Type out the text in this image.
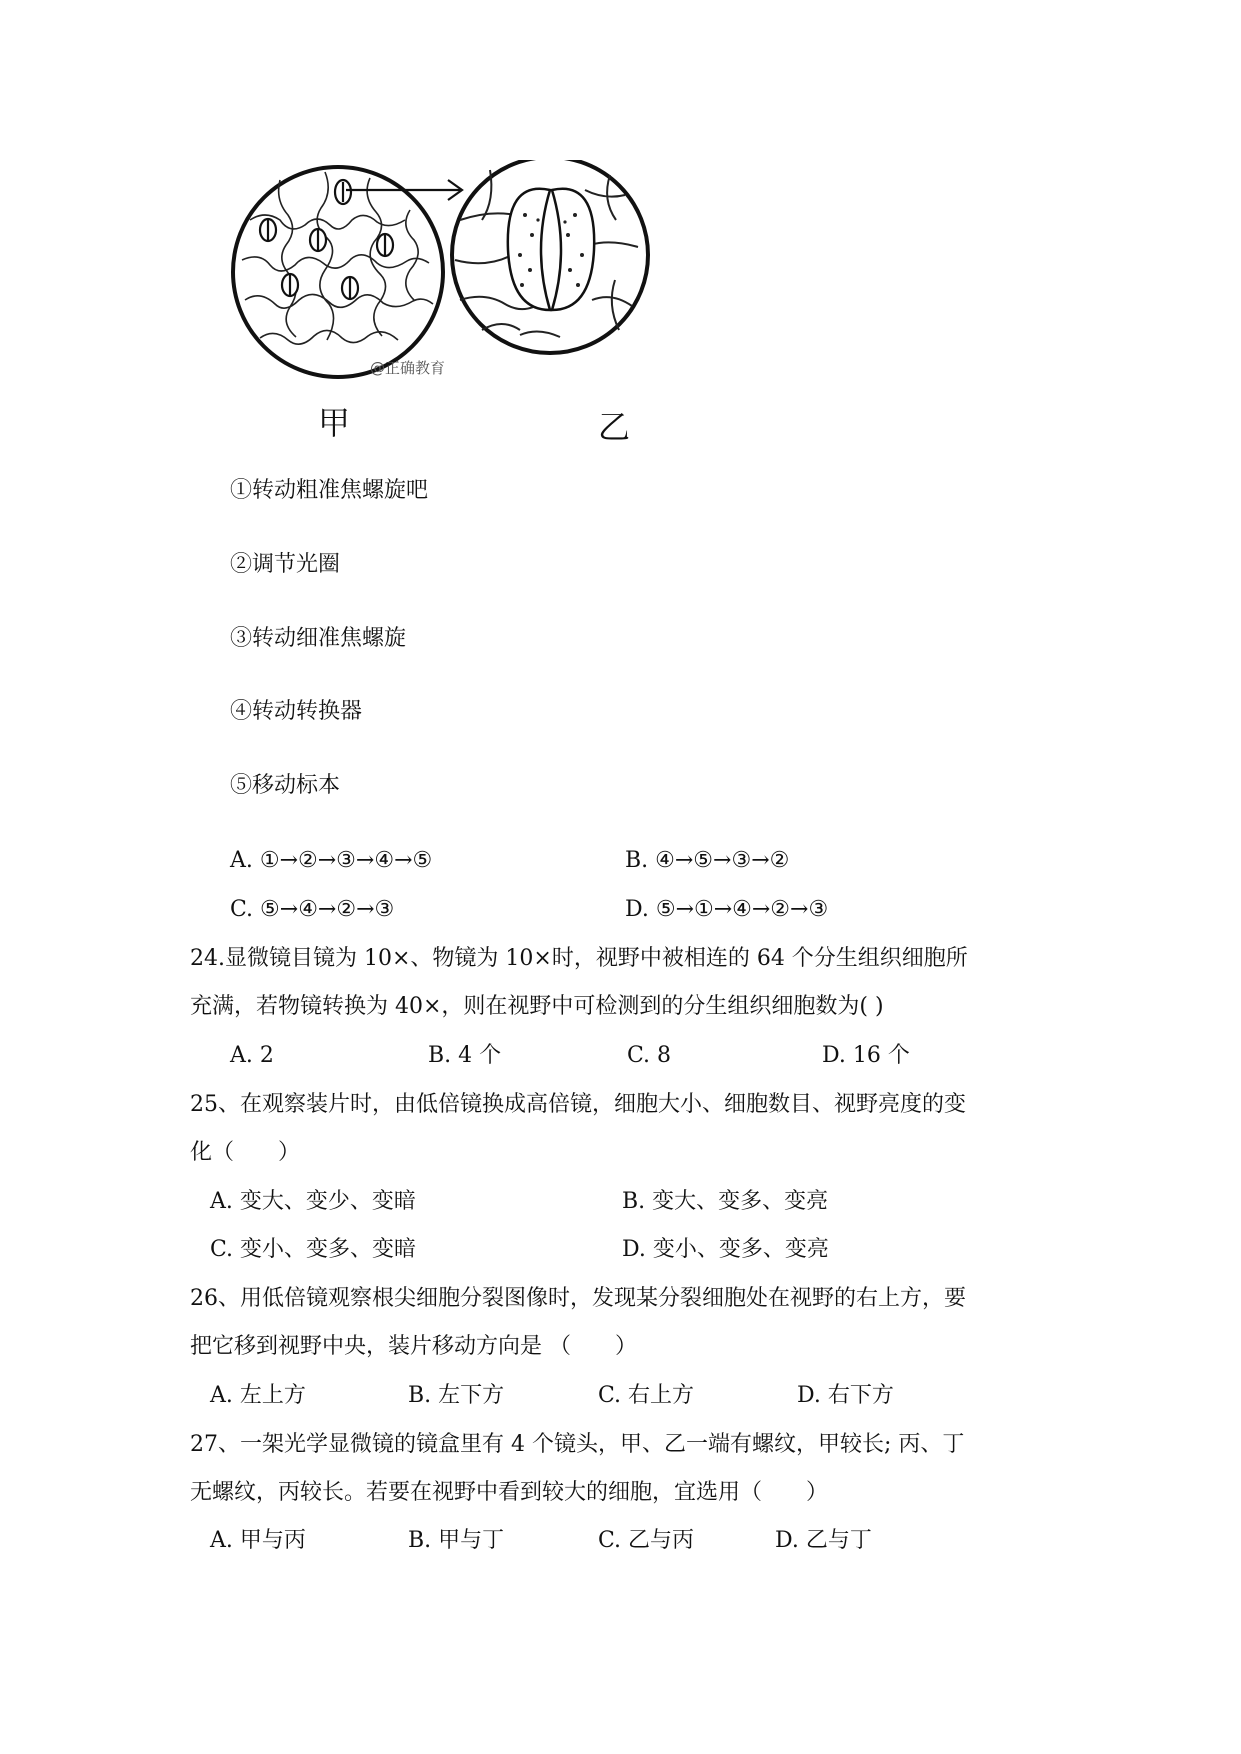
@正确教育
甲	乙
①转动粗准焦螺旋吧
②调节光圈
③转动细准焦螺旋
④转动转换器
⑤移动标本
A. ①→②→③→④→⑤	B. ④→⑤→③→②
C. ⑤→④→②→③	D. ⑤→①→④→②→③
24.显微镜目镜为 10×、物镜为 10×时，视野中被相连的 64 个分生组织细胞所
充满，若物镜转换为 40×，则在视野中可检测到的分生组织细胞数为( )
A. 2	B. 4 个	C. 8	D. 16 个
25、在观察装片时，由低倍镜换成高倍镜，细胞大小、细胞数目、视野亮度的变
化（　　）
A. 变大、变少、变暗	B. 变大、变多、变亮
C. 变小、变多、变暗	D. 变小、变多、变亮
26、用低倍镜观察根尖细胞分裂图像时，发现某分裂细胞处在视野的右上方，要
把它移到视野中央，装片移动方向是 （　　）
A. 左上方	B. 左下方	C. 右上方	D. 右下方
27、一架光学显微镜的镜盒里有 4 个镜头，甲、乙一端有螺纹，甲较长; 丙、丁
无螺纹，丙较长。若要在视野中看到较大的细胞，宜选用（　　）
A. 甲与丙	B. 甲与丁	C. 乙与丙	D. 乙与丁
